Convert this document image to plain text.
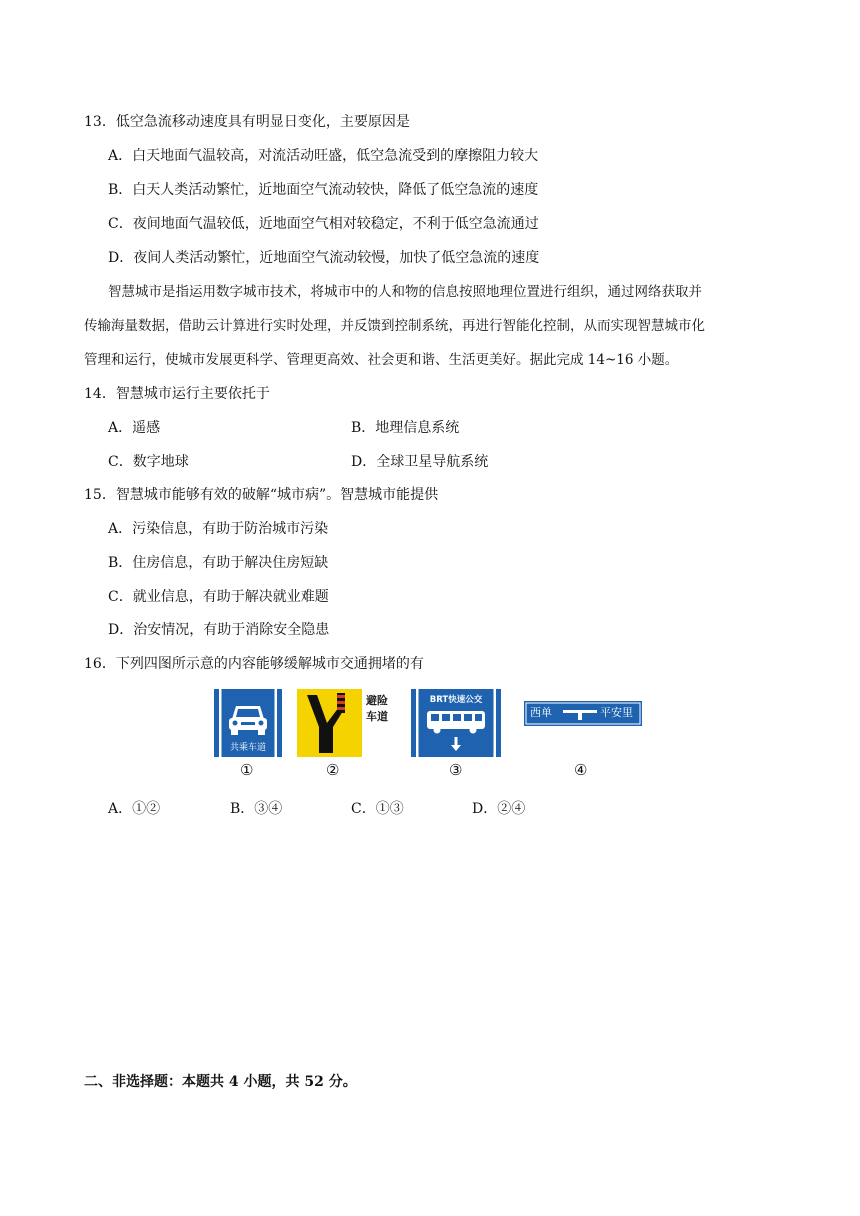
13．低空急流移动速度具有明显日变化，主要原因是
A．白天地面气温较高，对流活动旺盛，低空急流受到的摩擦阻力较大
B．白天人类活动繁忙，近地面空气流动较快，降低了低空急流的速度
C．夜间地面气温较低，近地面空气相对较稳定，不利于低空急流通过
D．夜间人类活动繁忙，近地面空气流动较慢，加快了低空急流的速度
智慧城市是指运用数字城市技术，将城市中的人和物的信息按照地理位置进行组织，通过网络获取并
传输海量数据，借助云计算进行实时处理，并反馈到控制系统，再进行智能化控制，从而实现智慧城市化
管理和运行，使城市发展更科学、管理更高效、社会更和谐、生活更美好。据此完成 14~16 小题。
14．智慧城市运行主要依托于
A．遥感	B．地理信息系统
C．数字地球	D．全球卫星导航系统
15．智慧城市能够有效的破解“城市病”。智慧城市能提供
A．污染信息，有助于防治城市污染
B．住房信息，有助于解决住房短缺
C．就业信息，有助于解决就业难题
D．治安情况，有助于消除安全隐患
16．下列四图所示意的内容能够缓解城市交通拥堵的有
共乘车道
避险
车道
BRT快速公交
西单	平安里
①	②	③	④
A．①②	B．③④	C．①③	D．②④
二、非选择题：本题共 4 小题，共 52 分。
